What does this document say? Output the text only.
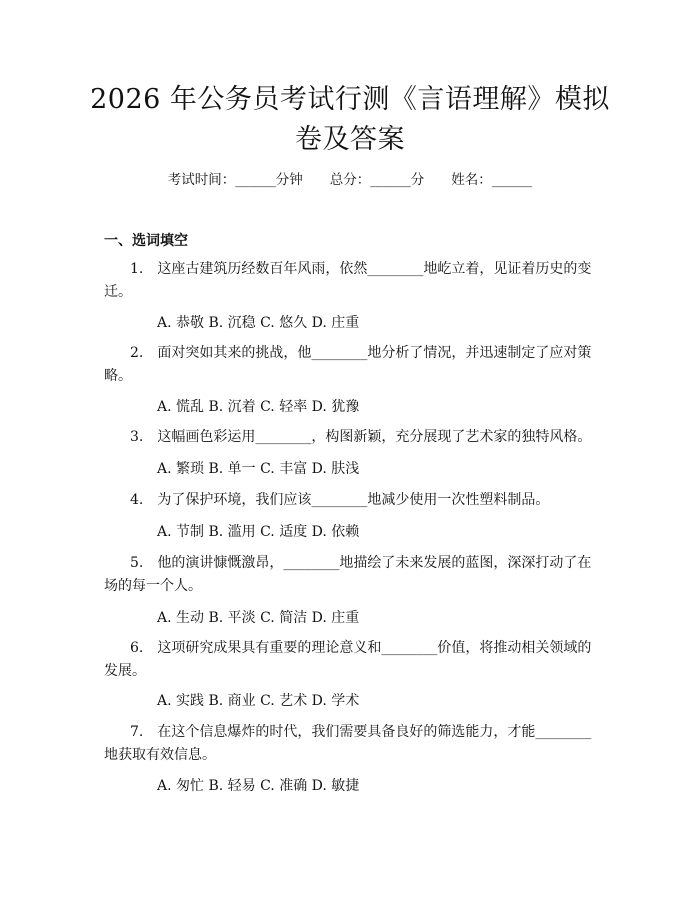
2026 年公务员考试行测《言语理解》模拟卷及答案
考试时间：______分钟　　总分：______分　　姓名：______
一、选词填空
1.　 这座古建筑历经数百年风雨，依然________地屹立着，见证着历史的变迁。
A. 恭敬 B. 沉稳 C. 悠久 D. 庄重
2.　 面对突如其来的挑战，他________地分析了情况，并迅速制定了应对策略。
A. 慌乱 B. 沉着 C. 轻率 D. 犹豫
3.　 这幅画色彩运用________，构图新颖，充分展现了艺术家的独特风格。
A. 繁琐 B. 单一 C. 丰富 D. 肤浅
4.　 为了保护环境，我们应该________地减少使用一次性塑料制品。
A. 节制 B. 滥用 C. 适度 D. 依赖
5.　 他的演讲慷慨激昂，________地描绘了未来发展的蓝图，深深打动了在场的每一个人。
A. 生动 B. 平淡 C. 简洁 D. 庄重
6.　 这项研究成果具有重要的理论意义和________价值，将推动相关领域的发展。
A. 实践 B. 商业 C. 艺术 D. 学术
7.　 在这个信息爆炸的时代，我们需要具备良好的筛选能力，才能________地获取有效信息。
A. 匆忙 B. 轻易 C. 准确 D. 敏捷
